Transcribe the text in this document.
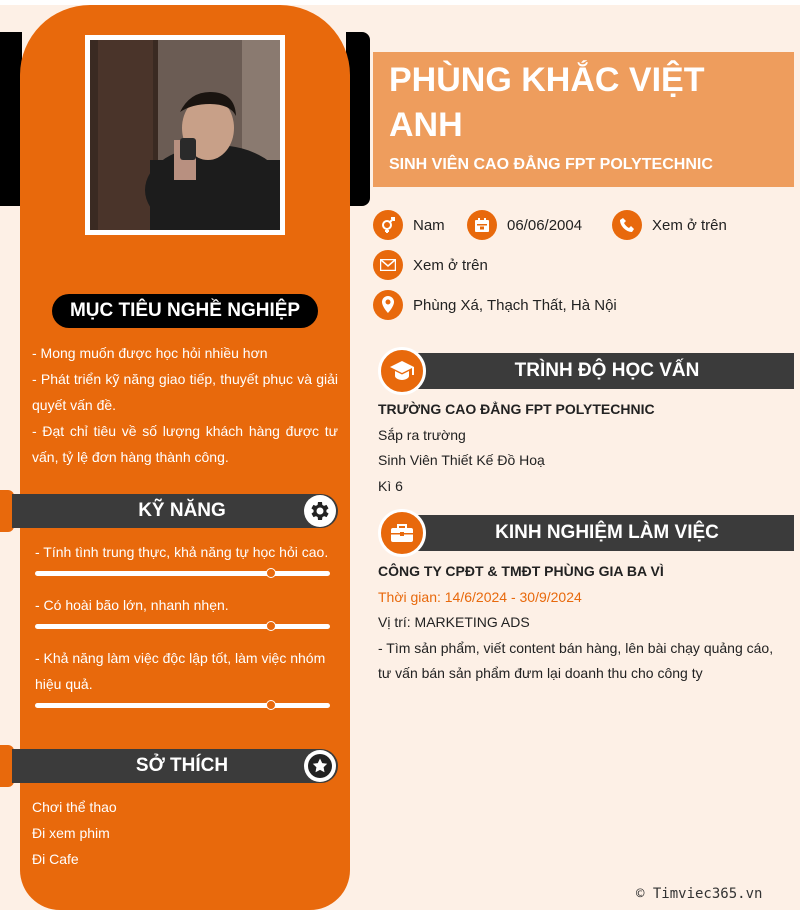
MỤC TIÊU NGHỀ NGHIỆP

- Mong muốn được học hỏi nhiều hơn

- Phát triển kỹ năng giao tiếp, thuyết phục và giải quyết vấn đề.

- Đạt chỉ tiêu về số lượng khách hàng được tư vấn, tỷ lệ đơn hàng thành công.

KỸ NĂNG
- Tính tình trung thực, khả năng tự học hỏi cao.
- Có hoài bão lớn, nhanh nhẹn.
- Khả năng làm việc độc lập tốt, làm việc nhóm hiệu quả.
SỞ THÍCH
Chơi thể thao
Đi xem phim
Đi Cafe
PHÙNG KHẮC VIỆT ANH
SINH VIÊN CAO ĐẲNG FPT POLYTECHNIC
Nam	06/06/2004	Xem ở trên
Xem ở trên
Phùng Xá, Thạch Thất, Hà Nội
TRÌNH ĐỘ HỌC VẤN
TRƯỜNG CAO ĐẲNG FPT POLYTECHNIC
Sắp ra trường
Sinh Viên Thiết Kế Đồ Hoạ
Kì 6
KINH NGHIỆM LÀM VIỆC
CÔNG TY CPĐT & TMĐT PHÙNG GIA BA VÌ
Thời gian: 14/6/2024 - 30/9/2024
Vị trí: MARKETING ADS
- Tìm sản phẩm, viết content bán hàng, lên bài chạy quảng cáo, tư vấn bán sản phẩm đưm lại doanh thu cho công ty
© Timviec365.vn
